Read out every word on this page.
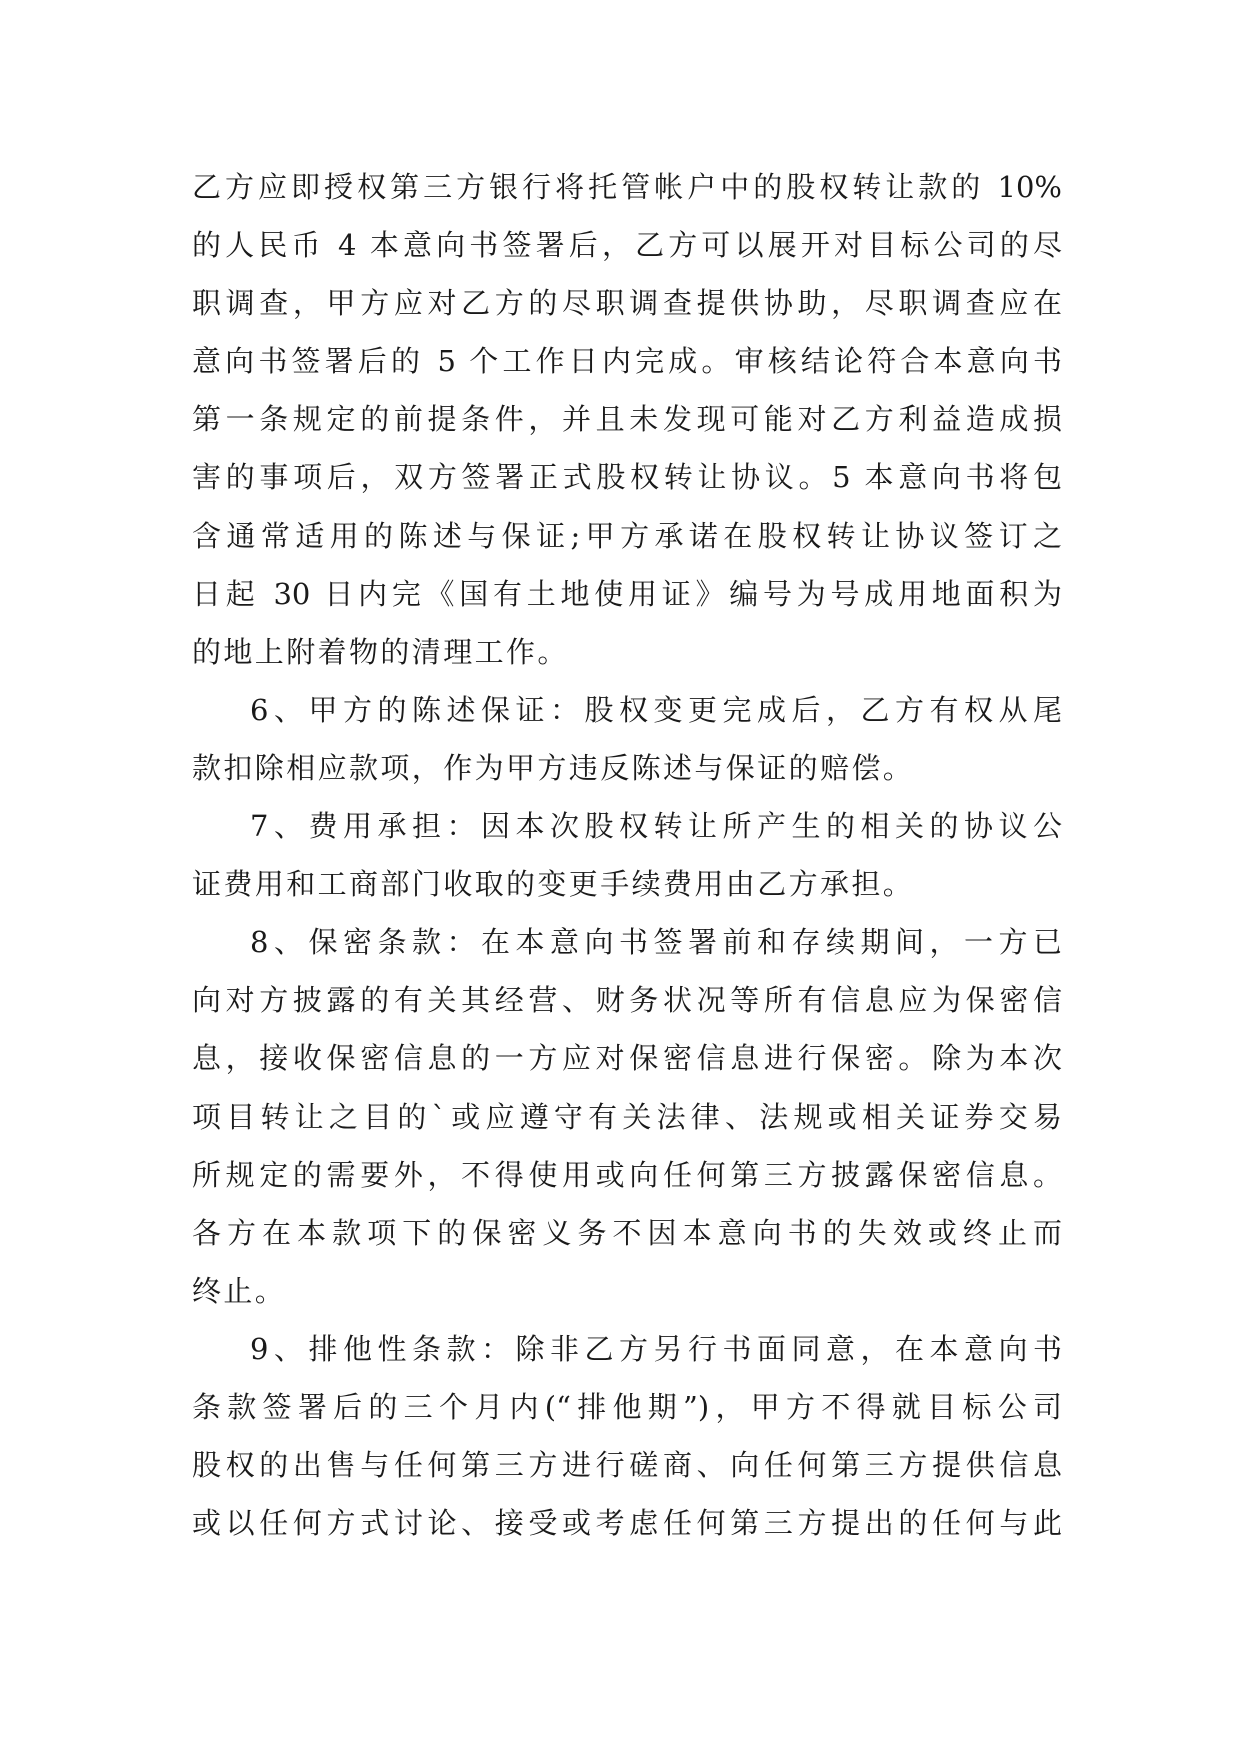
乙方应即授权第三方银行将托管帐户中的股权转让款的 10%
的人民币 4 本意向书签署后，乙方可以展开对目标公司的尽
职调查，甲方应对乙方的尽职调查提供协助，尽职调查应在
意向书签署后的 5 个工作日内完成。审核结论符合本意向书
第一条规定的前提条件，并且未发现可能对乙方利益造成损
害的事项后，双方签署正式股权转让协议。5 本意向书将包
含通常适用的陈述与保证;甲方承诺在股权转让协议签订之
日起 30 日内完《国有土地使用证》编号为号成用地面积为
的地上附着物的清理工作。
6、甲方的陈述保证：股权变更完成后，乙方有权从尾
款扣除相应款项，作为甲方违反陈述与保证的赔偿。
7、费用承担：因本次股权转让所产生的相关的协议公
证费用和工商部门收取的变更手续费用由乙方承担。
8、保密条款：在本意向书签署前和存续期间，一方已
向对方披露的有关其经营、财务状况等所有信息应为保密信
息，接收保密信息的一方应对保密信息进行保密。除为本次
项目转让之目的`或应遵守有关法律、法规或相关证券交易
所规定的需要外，不得使用或向任何第三方披露保密信息。
各方在本款项下的保密义务不因本意向书的失效或终止而
终止。
9、排他性条款：除非乙方另行书面同意，在本意向书
条款签署后的三个月内(“排他期”)，甲方不得就目标公司
股权的出售与任何第三方进行磋商、向任何第三方提供信息
或以任何方式讨论、接受或考虑任何第三方提出的任何与此
